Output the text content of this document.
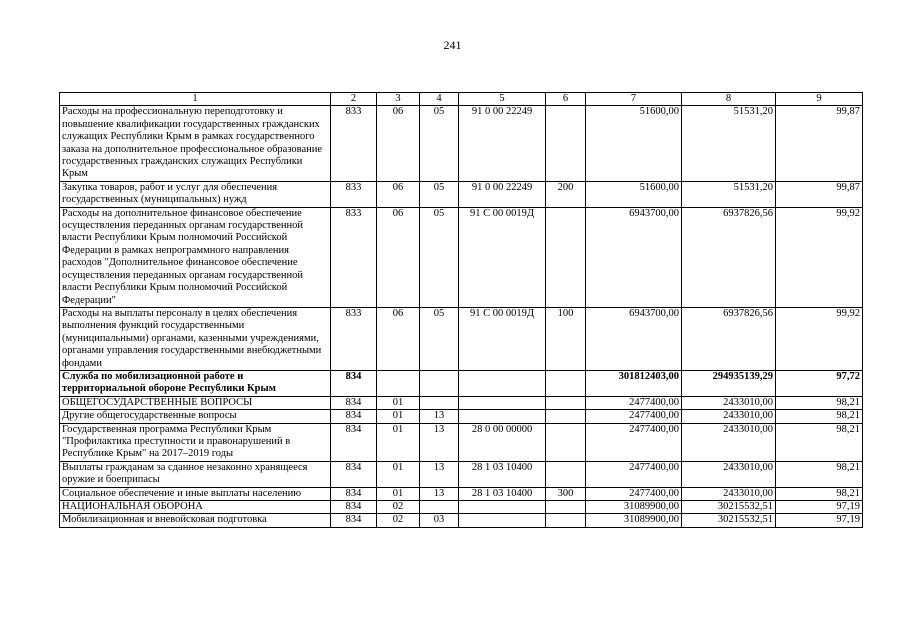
241
1	2	3	4	5	6	7	8	9
Расходы на профессиональную переподготовку и повышение квалификации государственных гражданских служащих Республики Крым в рамках государственного заказа на дополнительное профессиональное образование государственных гражданских служащих Республики Крым	833	06	05	91 0 00 22249		51600,00	51531,20	99,87
Закупка товаров, работ и услуг для обеспечения государственных (муниципальных) нужд	833	06	05	91 0 00 22249	200	51600,00	51531,20	99,87
Расходы на дополнительное финансовое обеспечение осуществления переданных органам государственной власти Республики Крым полномочий Российской Федерации в рамках непрограммного направления расходов "Дополнительное финансовое обеспечение осуществления переданных органам государственной власти Республики Крым полномочий Российской Федерации"	833	06	05	91 С 00 0019Д		6943700,00	6937826,56	99,92
Расходы на выплаты персоналу в целях обеспечения выполнения функций государственными (муниципальными) органами, казенными учреждениями, органами управления государственными внебюджетными фондами	833	06	05	91 С 00 0019Д	100	6943700,00	6937826,56	99,92
Служба по мобилизационной работе и территориальной обороне Республики Крым	834					301812403,00	294935139,29	97,72
ОБЩЕГОСУДАРСТВЕННЫЕ ВОПРОСЫ	834	01				2477400,00	2433010,00	98,21
Другие общегосударственные вопросы	834	01	13			2477400,00	2433010,00	98,21
Государственная программа Республики Крым "Профилактика преступности и правонарушений в Республике Крым" на 2017–2019 годы	834	01	13	28 0 00 00000		2477400,00	2433010,00	98,21
Выплаты гражданам за сданное незаконно хранящееся оружие и боеприпасы	834	01	13	28 1 03 10400		2477400,00	2433010,00	98,21
Социальное обеспечение и иные выплаты населению	834	01	13	28 1 03 10400	300	2477400,00	2433010,00	98,21
НАЦИОНАЛЬНАЯ ОБОРОНА	834	02				31089900,00	30215532,51	97,19
Мобилизационная и вневойсковая подготовка	834	02	03			31089900,00	30215532,51	97,19
